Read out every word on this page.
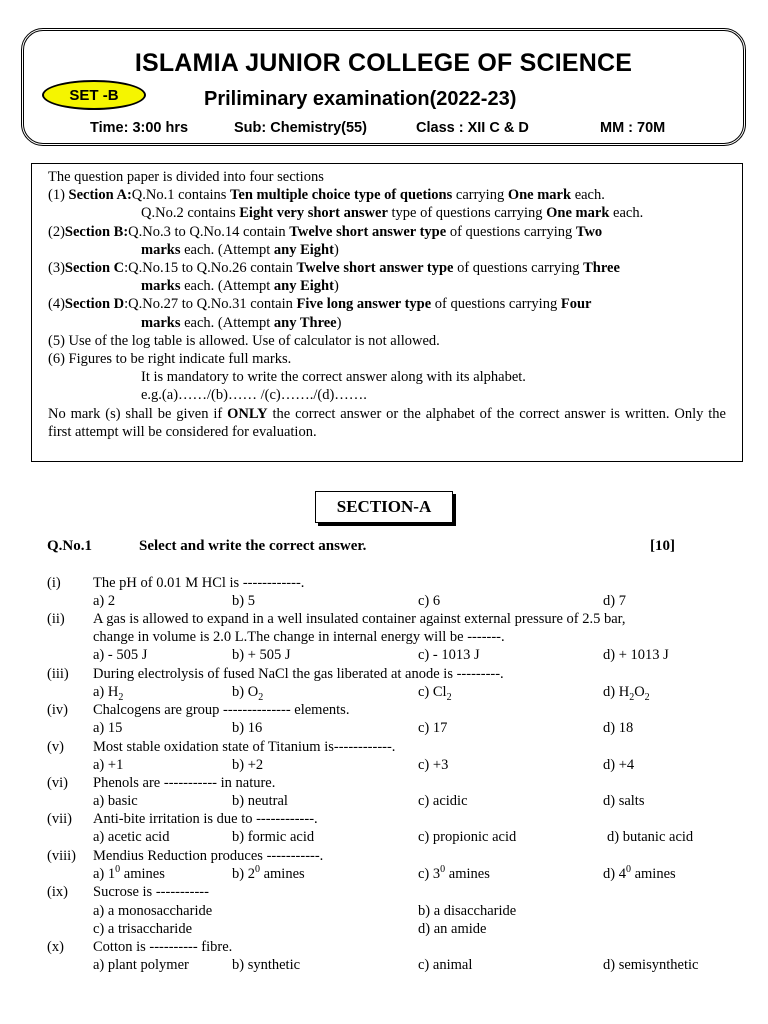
ISLAMIA JUNIOR COLLEGE OF SCIENCE
SET -B	Priliminary examination(2022-23)
Time: 3:00 hrs	Sub: Chemistry(55)	Class : XII C & D	MM : 70M

The question paper is divided into four sections

(1) Section A:Q.No.1 contains Ten multiple choice type of quetions carrying One mark each.

Q.No.2 contains Eight very short answer type of questions carrying One mark each.

(2)Section B:Q.No.3 to Q.No.14 contain Twelve short answer type of questions carrying Two

marks each. (Attempt any Eight)

(3)Section C:Q.No.15 to Q.No.26 contain Twelve short answer type of questions carrying Three

marks each. (Attempt any Eight)

(4)Section D:Q.No.27 to Q.No.31 contain Five long answer type of questions carrying Four

marks each. (Attempt any Three)

(5) Use of the log table is allowed. Use of calculator is not allowed.

(6) Figures to be right indicate full marks.

It is mandatory to write the correct answer along with its alphabet.

e.g.(a)……/(b)…… /(c)……./(d)…….

No mark (s) shall be given if ONLY the correct answer or the alphabet of the correct answer is written. Only the first attempt will be considered for evaluation.

SECTION-A
Q.No.1	Select and write the correct answer.	[10]
(i) The pH of 0.01 M HCl is ------------.
a) 2	b) 5	c) 6	d) 7
(ii) A gas is allowed to expand in a well insulated container against external pressure of 2.5 bar,
change in volume is 2.0 L.The change in internal energy will be -------.
a) - 505 J	b) + 505 J	c) - 1013 J	d) + 1013 J
(iii) During electrolysis of fused NaCl the gas liberated at anode is ---------.
a) $H_2$	b) $O_2$	c) $Cl_2$	d) $H_2O_2$
(iv) Chalcogens are group -------------- elements.
a) 15	b) 16	c) 17	d) 18
(v) Most stable oxidation state of Titanium is------------.
a) +1	b) +2	c) +3	d) +4
(vi) Phenols are ----------- in nature.
a) basic	b) neutral	c) acidic	d) salts
(vii) Anti-bite irritation is due to ------------.
a) acetic acid	b) formic acid	c) propionic acid	d) butanic acid
(viii) Mendius Reduction produces -----------.
a) $1^0$ amines	b) $2^0$ amines	c) $3^0$ amines	d) $4^0$ amines
(ix) Sucrose is -----------
a) a monosaccharide	b) a disaccharide
c) a trisaccharide	d) an amide
(x) Cotton is ---------- fibre.
a) plant polymer	b) synthetic	c) animal	d) semisynthetic
